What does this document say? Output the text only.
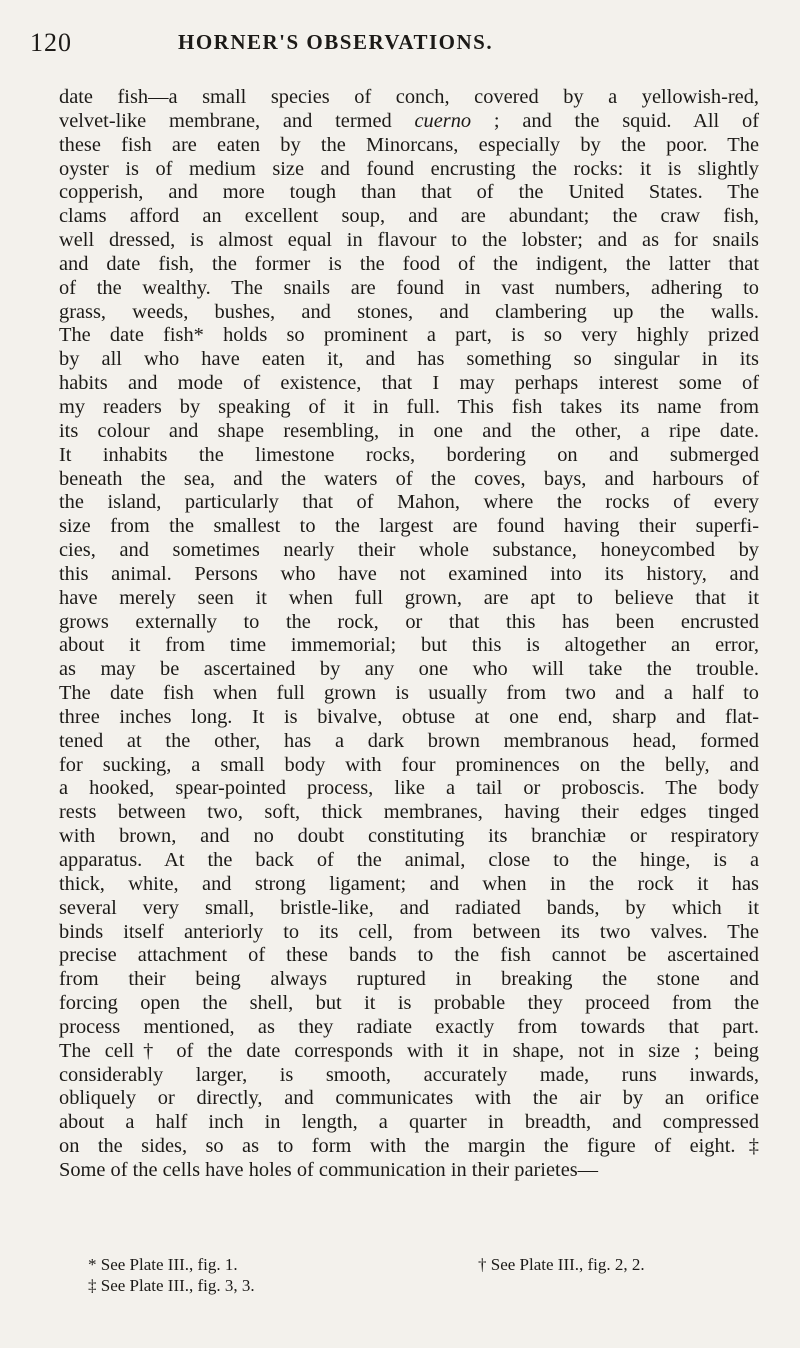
120	HORNER'S OBSERVATIONS.
date fish—a small species of conch, covered by a yellowish-red,
velvet-like membrane, and termed cuerno ; and the squid. All of
these fish are eaten by the Minorcans, especially by the poor. The
oyster is of medium size and found encrusting the rocks: it is slightly
copperish, and more tough than that of the United States. The
clams afford an excellent soup, and are abundant; the craw fish,
well dressed, is almost equal in flavour to the lobster; and as for snails
and date fish, the former is the food of the indigent, the latter that
of the wealthy. The snails are found in vast numbers, adhering to
grass, weeds, bushes, and stones, and clambering up the walls.
The date fish* holds so prominent a part, is so very highly prized
by all who have eaten it, and has something so singular in its
habits and mode of existence, that I may perhaps interest some of
my readers by speaking of it in full. This fish takes its name from
its colour and shape resembling, in one and the other, a ripe date.
It inhabits the limestone rocks, bordering on and submerged
beneath the sea, and the waters of the coves, bays, and harbours of
the island, particularly that of Mahon, where the rocks of every
size from the smallest to the largest are found having their superfi-
cies, and sometimes nearly their whole substance, honeycombed by
this animal. Persons who have not examined into its history, and
have merely seen it when full grown, are apt to believe that it
grows externally to the rock, or that this has been encrusted
about it from time immemorial; but this is altogether an error,
as may be ascertained by any one who will take the trouble.
The date fish when full grown is usually from two and a half to
three inches long. It is bivalve, obtuse at one end, sharp and flat-
tened at the other, has a dark brown membranous head, formed
for sucking, a small body with four prominences on the belly, and
a hooked, spear-pointed process, like a tail or proboscis. The body
rests between two, soft, thick membranes, having their edges tinged
with brown, and no doubt constituting its branchiæ or respiratory
apparatus. At the back of the animal, close to the hinge, is a
thick, white, and strong ligament; and when in the rock it has
several very small, bristle-like, and radiated bands, by which it
binds itself anteriorly to its cell, from between its two valves. The
precise attachment of these bands to the fish cannot be ascertained
from their being always ruptured in breaking the stone and
forcing open the shell, but it is probable they proceed from the
process mentioned, as they radiate exactly from towards that part.
The cell† of the date corresponds with it in shape, not in size ; being
considerably larger, is smooth, accurately made, runs inwards,
obliquely or directly, and communicates with the air by an orifice
about a half inch in length, a quarter in breadth, and compressed
on the sides, so as to form with the margin the figure of eight.‡
Some of the cells have holes of communication in their parietes—
* See Plate III., fig. 1.	† See Plate III., fig. 2, 2.
‡ See Plate III., fig. 3, 3.
